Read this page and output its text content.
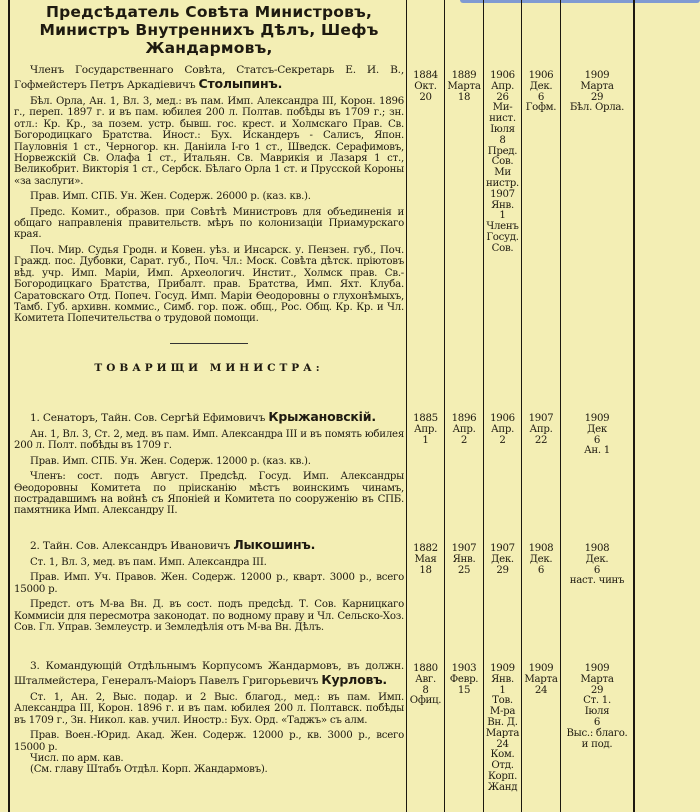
Предсѣдатель Совѣта Министровъ, Министръ Внутреннихъ Дѣлъ, Шефъ Жандармовъ,

Членъ Государственнаго Совѣта, Статсъ-Секретарь Е. И. В., Гофмейстеръ Петръ Аркадіевичъ Столыпинъ.

Бѣл. Орла, Ан. 1, Вл. 3, мед.: въ пам. Имп. Александра III, Корон. 1896 г., переп. 1897 г. и въ пам. юбилея 200 л. Полтав. побѣды въ 1709 г.; зн. отл.: Кр. Кр., за позем. устр. бывш. гос. крест. и Холмскаго Прав. Св. Богородицкаго Братства. Иност.: Бух. Искандеръ - Салисъ, Япон. Пауловнія 1 ст., Черногор. кн. Даніила I-го 1 ст., Шведск. Серафимовъ, Норвежскій Св. Олафа 1 ст., Итальян. Св. Маврикія и Лазаря 1 ст., Великобрит. Викторія 1 ст., Сербск. Бѣлаго Орла 1 ст. и Прусской Короны «за заслуги».

Прав. Имп. СПБ. Ун. Жен. Содерж. 26000 р. (каз. кв.).

Предс. Комит., образов. при Совѣтѣ Министровъ для объединенія и общаго направленія правительств. мѣръ по колонизаціи Приамурскаго края.

Поч. Мир. Судья Гродн. и Ковен. уѣз. и Инсарск. у. Пензен. губ., Поч. Гражд. пос. Дубовки, Сарат. губ., Поч. Чл.: Моск. Совѣта дѣтск. пріютовъ вѣд. учр. Имп. Маріи, Имп. Археологич. Инстит., Холмск прав. Св.-Богородицкаго Братства, Прибалт. прав. Братства, Имп. Яхт. Клуба. Саратовскаго Отд. Попеч. Госуд. Имп. Маріи Ѳеодоровны о глухонѣмыхъ, Тамб. Губ. архивн. коммис., Симб. гор. пож. общ., Рос. Общ. Кр. Кр. и Чл. Комитета Попечительства о трудовой помощи.

ТОВАРИЩИ МИНИСТРА:

1. Сенаторъ, Тайн. Сов. Сергѣй Ефимовичъ Крыжановскій.

Ан. 1, Вл. 3, Ст. 2, мед. въ пам. Имп. Александра III и въ помять юбилея 200 л. Полт. побѣды въ 1709 г.

Прав. Имп. СПБ. Ун. Жен. Содерж. 12000 р. (каз. кв.).

Членъ: сост. подъ Август. Предсѣд. Госуд. Имп. Александры Ѳеодоровны Комитета по пріисканію мѣстъ воинскимъ чинамъ, пострадавшимъ на войнѣ съ Японіей и Комитета по сооруженію въ СПБ. памятника Имп. Александру II.

2. Тайн. Сов. Александръ Ивановичъ Лыкошинъ.

Ст. 1, Вл. 3, мед. въ пам. Имп. Александра III.

Прав. Имп. Уч. Правов. Жен. Содерж. 12000 р., кварт. 3000 р., всего 15000 р.

Предст. отъ М-ва Вн. Д. въ сост. подъ предсѣд. Т. Сов. Карницкаго Коммисіи для пересмотра законодат. по водному праву и Чл. Сельско-Хоз. Сов. Гл. Управ. Землеустр. и Земледѣлія отъ М-ва Вн. Дѣлъ.

3. Командующій Отдѣльнымъ Корпусомъ Жандармовъ, въ должн. Шталмейстера, Генералъ-Маіоръ Павелъ Григорьевичъ Курловъ.

Ст. 1, Ан. 2, Выс. подар. и 2 Выс. благод., мед.: въ пам. Имп. Александра III, Корон. 1896 г. и въ пам. юбилея 200 л. Полтавск. побѣды въ 1709 г., Зн. Никол. кав. учил. Иностр.: Бух. Орд. «Таджъ» съ алм.

Прав. Воен.-Юрид. Акад. Жен. Содерж. 12000 р., кв. 3000 р., всего 15000 р.

Числ. по арм. кав.

(См. главу Штабъ Отдѣл. Корп. Жандармовъ).

1884
Окт.
20
1889
Марта
18
1906
Апр.
26
Ми-
нист.
Іюля
8
Пред.
Сов.
Ми
нистр.
1907
Янв.
1
Членъ
Госуд.
Сов.
1906
Дек.
6
Гофм.
1909
Марта
29
Бѣл. Орла.
1885
Апр.
1
1896
Апр.
2
1906
Апр.
2
1907
Апр.
22
1909
Дек
6
Ан. 1
1882
Мая
18
1907
Янв.
25
1907
Дек.
29
1908
Дек.
6
1908
Дек.
6
наст. чинъ
1880
Авг.
8
Офиц.
1903
Февр.
15
1909
Янв.
1
Тов.
М-ра
Вн. Д.
Марта
24
Ком.
Отд.
Корп.
Жанд
1909
Марта
24
1909
Марта
29
Ст. 1.
Іюля
6
Выс.: благо.
и под.
